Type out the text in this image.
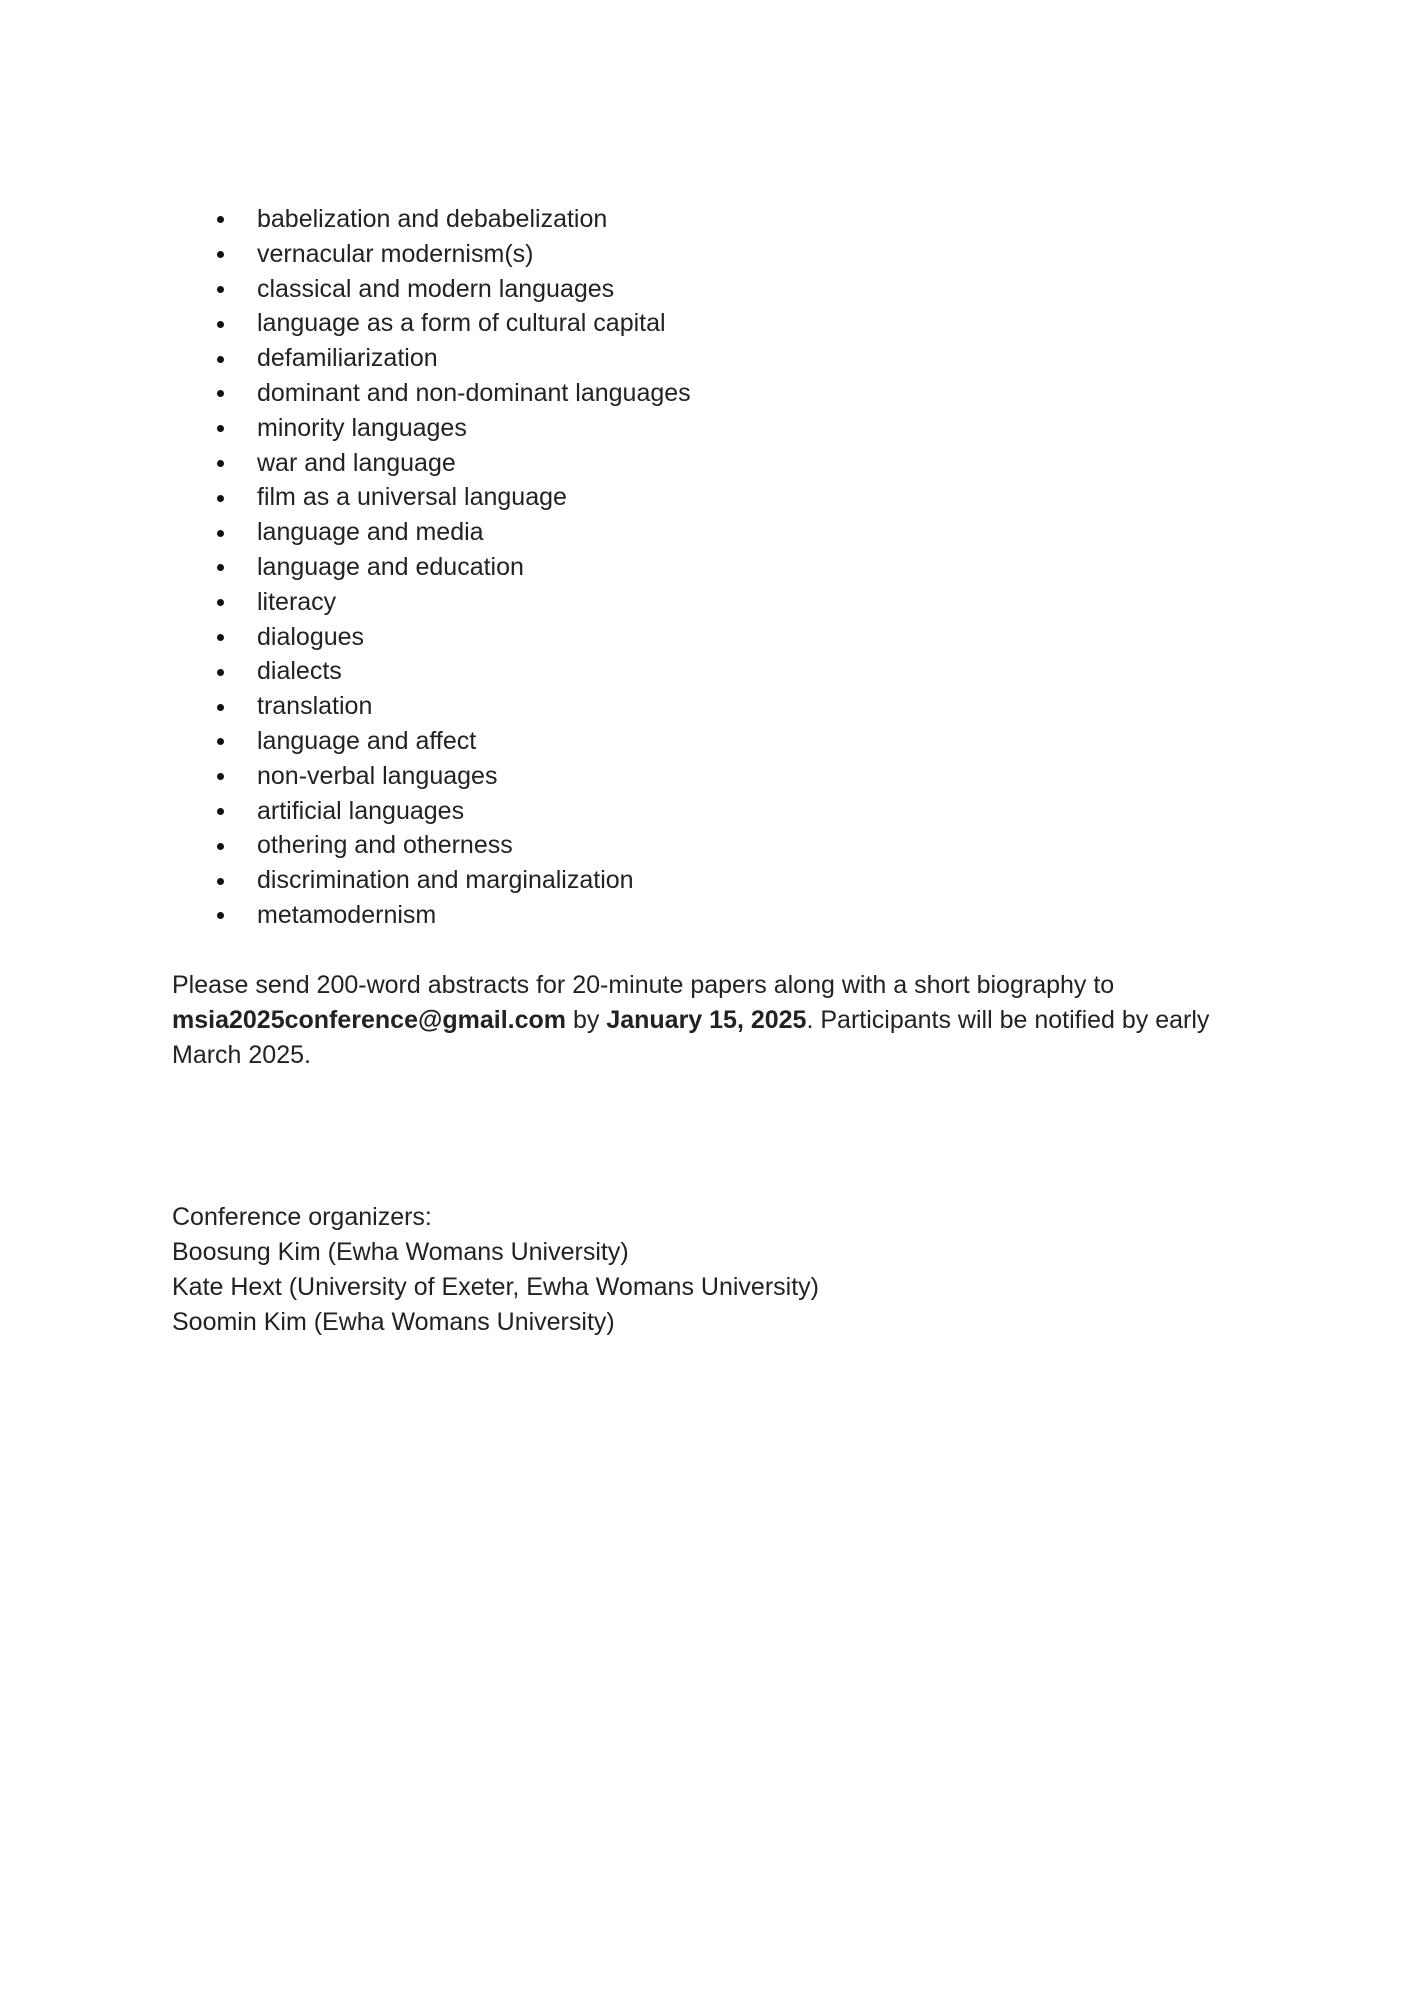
babelization and debabelization
vernacular modernism(s)
classical and modern languages
language as a form of cultural capital
defamiliarization
dominant and non-dominant languages
minority languages
war and language
film as a universal language
language and media
language and education
literacy
dialogues
dialects
translation
language and affect
non-verbal languages
artificial languages
othering and otherness
discrimination and marginalization
metamodernism

Please send 200-word abstracts for 20-minute papers along with a short biography to msia2025conference@gmail.com by January 15, 2025. Participants will be notified by early March 2025.

Conference organizers:
Boosung Kim (Ewha Womans University)
Kate Hext (University of Exeter, Ewha Womans University)
Soomin Kim (Ewha Womans University)
